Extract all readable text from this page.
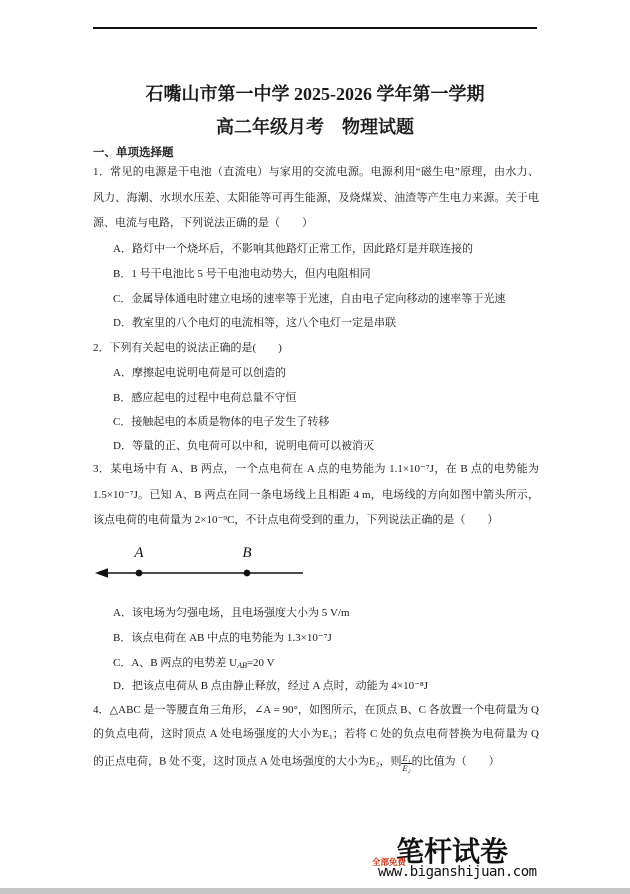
石嘴山市第一中学 2025-2026 学年第一学期
高二年级月考　物理试题
一、单项选择题
1．常见的电源是干电池（直流电）与家用的交流电源。电源利用“磁生电”原理，由水力、
风力、海潮、水坝水压差、太阳能等可再生能源，及烧煤炭、油渣等产生电力来源。关于电
源、电流与电路，下列说法正确的是（　　）
A．路灯中一个烧坏后，不影响其他路灯正常工作，因此路灯是并联连接的
B．1 号干电池比 5 号干电池电动势大，但内电阻相同
C．金属导体通电时建立电场的速率等于光速，自由电子定向移动的速率等于光速
D．教室里的八个电灯的电流相等，这八个电灯一定是串联
2．下列有关起电的说法正确的是(　　)
A．摩擦起电说明电荷是可以创造的
B．感应起电的过程中电荷总量不守恒
C．接触起电的本质是物体的电子发生了转移
D．等量的正、负电荷可以中和，说明电荷可以被消灭
3．某电场中有 A、B 两点，一个点电荷在 A 点的电势能为 1.1×10⁻⁷J，在 B 点的电势能为
1.5×10⁻⁷J。已知 A、B 两点在同一条电场线上且相距 4 m，电场线的方向如图中箭头所示，
该点电荷的电荷量为 2×10⁻⁹C，不计点电荷受到的重力，下列说法正确的是（　　）
A	B
A．该电场为匀强电场，且电场强度大小为 5 V/m
B．该点电荷在 AB 中点的电势能为 1.3×10⁻⁷J
C．A、B 两点的电势差 $U_{AB}=20$ V
D．把该点电荷从 B 点由静止释放，经过 A 点时，动能为 4×10⁻⁸J
4．△ABC 是一等腰直角三角形，∠A = 90°，如图所示，在顶点 B、C 各放置一个电荷量为 Q
的负点电荷，这时顶点 A 处电场强度的大小为E₁；若将 C 处的负点电荷替换为电荷量为 Q
的正点电荷，B 处不变，这时顶点 A 处电场强度的大小为E₂，则 $\frac{\text{E₁}}{\text{E₂}}$ 的比值为（　　）
笔杆试卷
全部免费
www.biganshijuan.com
